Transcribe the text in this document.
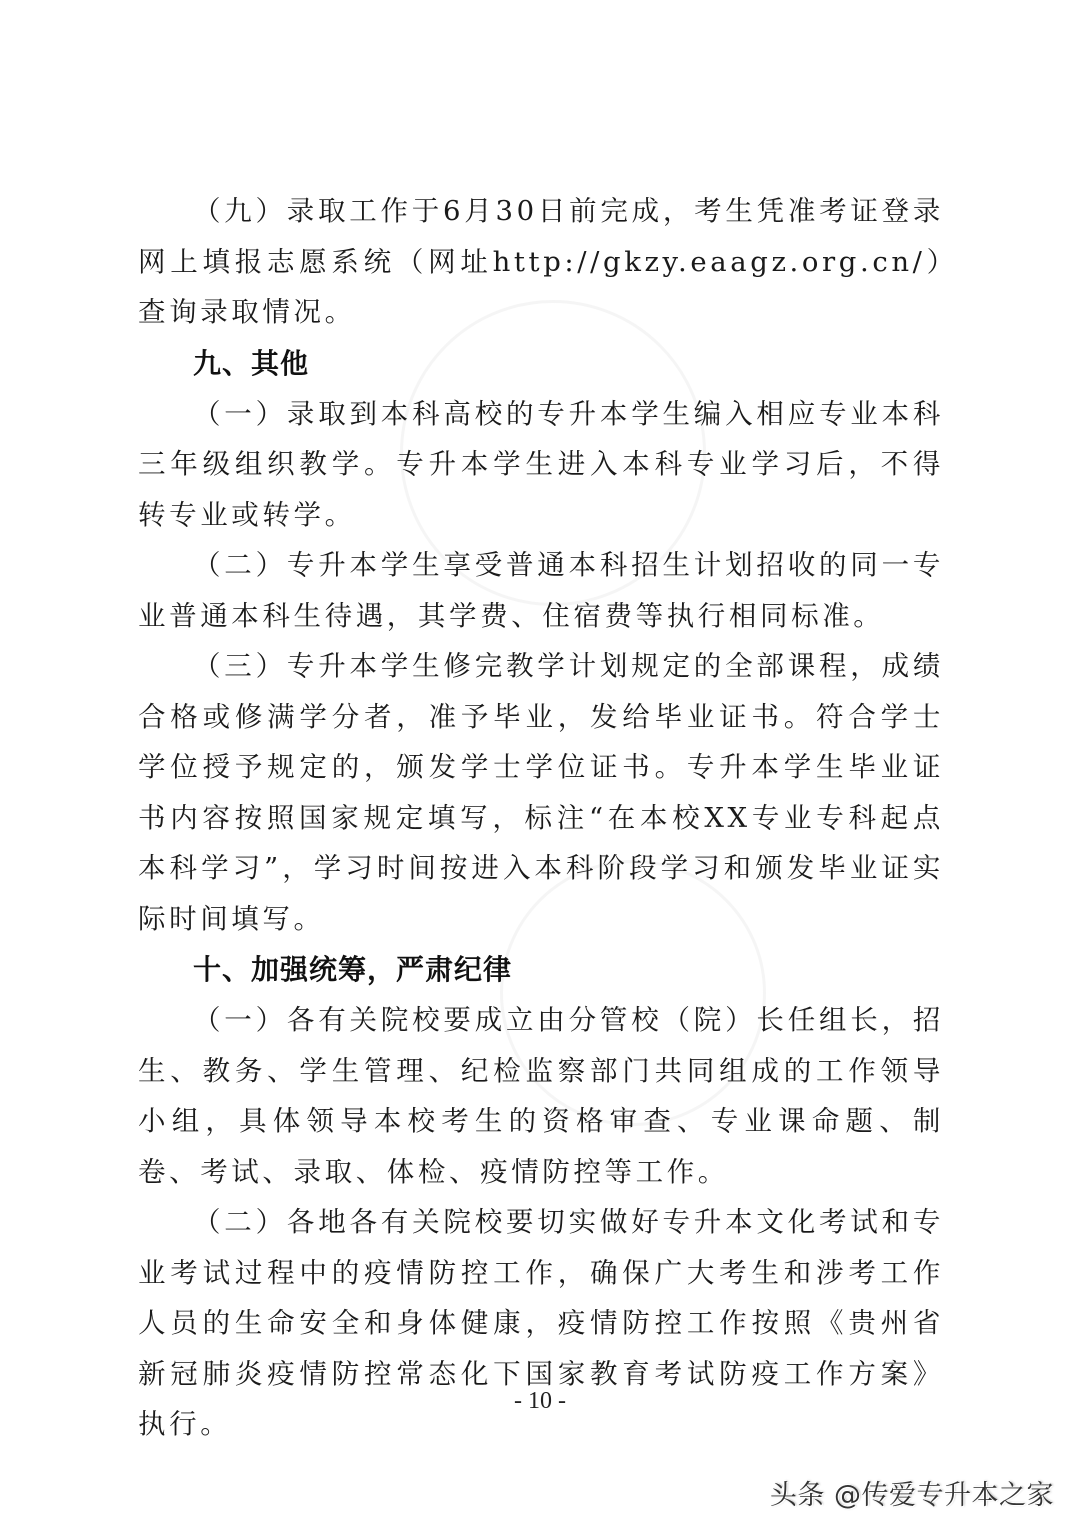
（九）录取工作于6月30日前完成，考生凭准考证登录网上填报志愿系统（网址http://gkzy.eaagz.org.cn/）查询录取情况。

九、其他

（一）录取到本科高校的专升本学生编入相应专业本科三年级组织教学。专升本学生进入本科专业学习后，不得转专业或转学。

（二）专升本学生享受普通本科招生计划招收的同一专业普通本科生待遇，其学费、住宿费等执行相同标准。

（三）专升本学生修完教学计划规定的全部课程，成绩合格或修满学分者，准予毕业，发给毕业证书。符合学士学位授予规定的，颁发学士学位证书。专升本学生毕业证书内容按照国家规定填写，标注“在本校XX专业专科起点本科学习”，学习时间按进入本科阶段学习和颁发毕业证实际时间填写。

十、加强统筹，严肃纪律

（一）各有关院校要成立由分管校（院）长任组长，招生、教务、学生管理、纪检监察部门共同组成的工作领导小组，具体领导本校考生的资格审查、专业课命题、制卷、考试、录取、体检、疫情防控等工作。

（二）各地各有关院校要切实做好专升本文化考试和专业考试过程中的疫情防控工作，确保广大考生和涉考工作人员的生命安全和身体健康，疫情防控工作按照《贵州省新冠肺炎疫情防控常态化下国家教育考试防疫工作方案》执行。

- 10 -
头条 @传爱专升本之家
